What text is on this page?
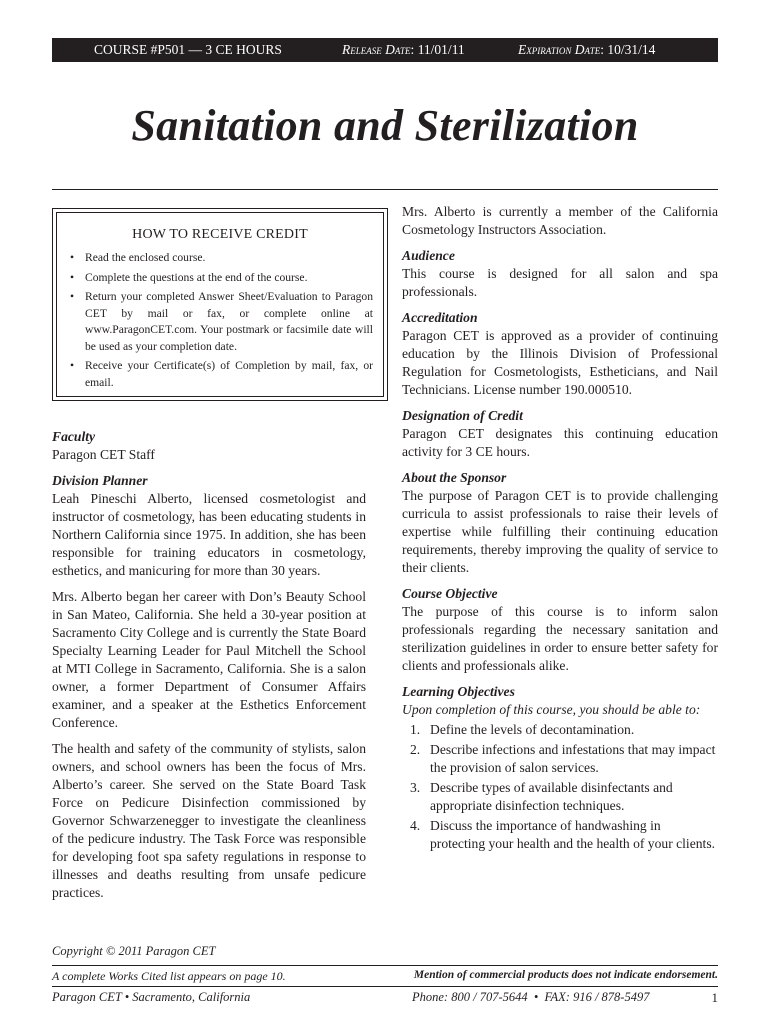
COURSE #P501 — 3 CE HOURS	Release Date: 11/01/11	Expiration Date: 10/31/14
Sanitation and Sterilization
HOW TO RECEIVE CREDIT
• Read the enclosed course.
• Complete the questions at the end of the course.
• Return your completed Answer Sheet/Evaluation to Paragon CET by mail or fax, or complete online at www.ParagonCET.com. Your postmark or facsimile date will be used as your completion date.
• Receive your Certificate(s) of Completion by mail, fax, or email.
Faculty

Paragon CET Staff

Division Planner

Leah Pineschi Alberto, licensed cosmetologist and instructor of cosmetology, has been educating students in Northern California since 1975. In addition, she has been responsible for training educators in cosmetology, esthetics, and manicuring for more than 30 years.

Mrs. Alberto began her career with Don’s Beauty School in San Mateo, California. She held a 30-year position at Sacramento City College and is currently the State Board Specialty Learning Leader for Paul Mitchell the School at MTI College in Sacramento, California. She is a salon owner, a former Department of Consumer Affairs examiner, and a speaker at the Esthetics Enforcement Conference.

The health and safety of the community of stylists, salon owners, and school owners has been the focus of Mrs. Alberto’s career. She served on the State Board Task Force on Pedicure Disinfection commissioned by Governor Schwarzenegger to investigate the cleanliness of the pedicure industry. The Task Force was responsible for developing foot spa safety regulations in response to illnesses and deaths resulting from unsafe pedicure practices.

Mrs. Alberto is currently a member of the California Cosmetology Instructors Association.

Audience

This course is designed for all salon and spa professionals.

Accreditation

Paragon CET is approved as a provider of continuing education by the Illinois Division of Professional Regulation for Cosmetologists, Estheticians, and Nail Technicians. License number 190.000510.

Designation of Credit

Paragon CET designates this continuing education activity for 3 CE hours.

About the Sponsor

The purpose of Paragon CET is to provide challenging curricula to assist professionals to raise their levels of expertise while fulfilling their continuing education requirements, thereby improving the quality of service to their clients.

Course Objective

The purpose of this course is to inform salon professionals regarding the necessary sanitation and sterilization guidelines in order to ensure better safety for clients and professionals alike.

Learning Objectives

Upon completion of this course, you should be able to:

1. Define the levels of decontamination.
2. Describe infections and infestations that may impact the provision of salon services.
3. Describe types of available disinfectants and appropriate disinfection techniques.
4. Discuss the importance of handwashing in protecting your health and the health of your clients.
Copyright © 2011 Paragon CET
A complete Works Cited list appears on page 10.	Mention of commercial products does not indicate endorsement.
Paragon CET • Sacramento, California	Phone: 800 / 707-5644  •  FAX: 916 / 878-5497	1
